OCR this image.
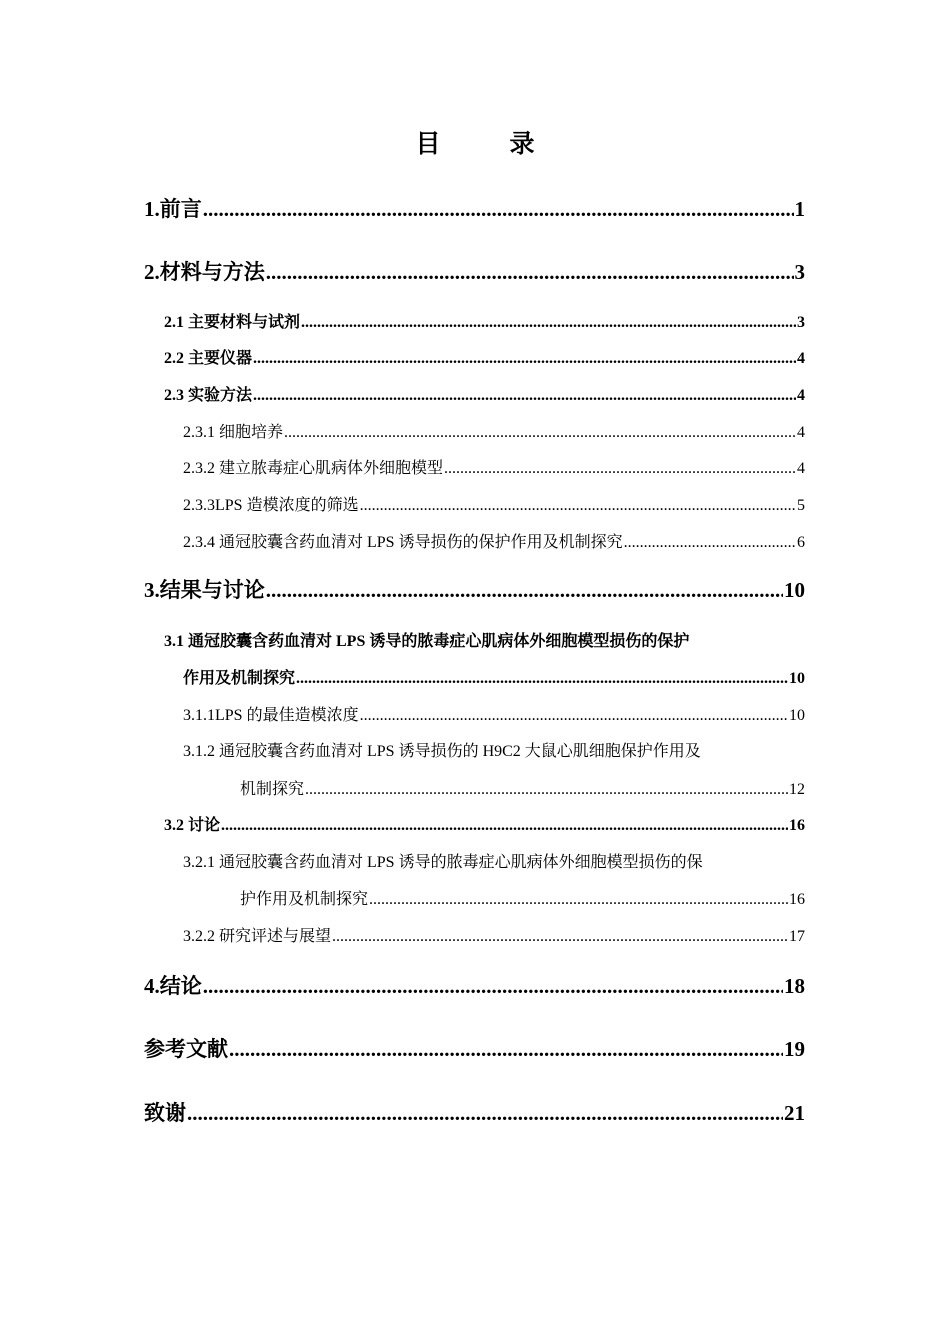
目　录
1.前言 .....	1
2.材料与方法 .....	3
2.1 主要材料与试剂 .....	3
2.2 主要仪器 .....	4
2.3 实验方法 .....	4
2.3.1 细胞培养 .....	4
2.3.2 建立脓毒症心肌病体外细胞模型 .....	4
2.3.3LPS 造模浓度的筛选 .....	5
2.3.4 通冠胶囊含药血清对 LPS 诱导损伤的保护作用及机制探究 .....	6
3.结果与讨论 .....	10
3.1 通冠胶囊含药血清对 LPS 诱导的脓毒症心肌病体外细胞模型损伤的保护
作用及机制探究 .....	10
3.1.1LPS 的最佳造模浓度 .....	10
3.1.2 通冠胶囊含药血清对 LPS 诱导损伤的 H9C2 大鼠心肌细胞保护作用及
机制探究 .....	12
3.2 讨论 .....	16
3.2.1 通冠胶囊含药血清对 LPS 诱导的脓毒症心肌病体外细胞模型损伤的保
护作用及机制探究 .....	16
3.2.2 研究评述与展望 .....	17
4.结论 .....	18
参考文献 .....	19
致谢 .....	21
